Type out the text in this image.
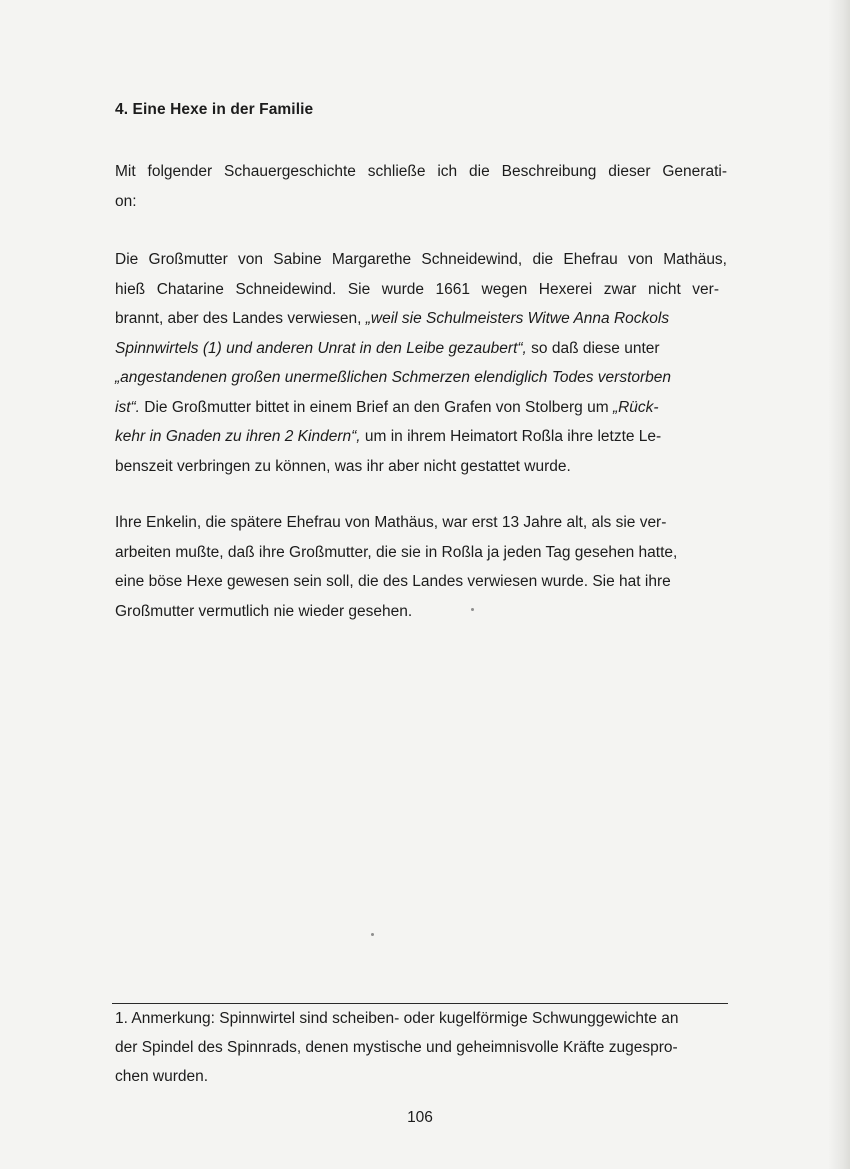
4. Eine Hexe in der Familie
Mit folgender Schauergeschichte schließe ich die Beschreibung dieser Generati-
on:
Die Großmutter von Sabine Margarethe Schneidewind, die Ehefrau von Mathäus,
hieß Chatarine Schneidewind. Sie wurde 1661 wegen Hexerei zwar nicht ver-
brannt, aber des Landes verwiesen, „weil sie Schulmeisters Witwe Anna Rockols
Spinnwirtels (1) und anderen Unrat in den Leibe gezaubert“, so daß diese unter
„angestandenen großen unermeßlichen Schmerzen elendiglich Todes verstorben
ist“. Die Großmutter bittet in einem Brief an den Grafen von Stolberg um „Rück-
kehr in Gnaden zu ihren 2 Kindern“, um in ihrem Heimatort Roßla ihre letzte Le-
benszeit verbringen zu können, was ihr aber nicht gestattet wurde.
Ihre Enkelin, die spätere Ehefrau von Mathäus, war erst 13 Jahre alt, als sie ver-
arbeiten mußte, daß ihre Großmutter, die sie in Roßla ja jeden Tag gesehen hatte,
eine böse Hexe gewesen sein soll, die des Landes verwiesen wurde. Sie hat ihre
Großmutter vermutlich nie wieder gesehen.
1. Anmerkung: Spinnwirtel sind scheiben- oder kugelförmige Schwunggewichte an
der Spindel des Spinnrads, denen mystische und geheimnisvolle Kräfte zugespro-
chen wurden.
106
